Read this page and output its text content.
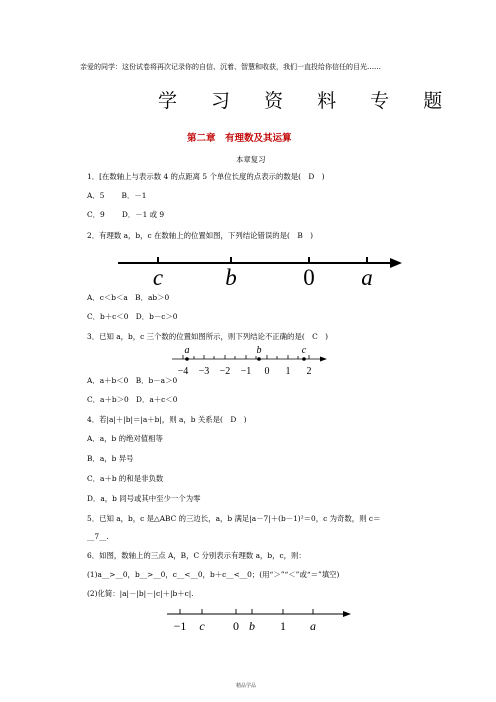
亲爱的同学：这份试卷将再次记录你的自信、沉着、智慧和收获，我们一直投给你信任的目光……
学 习 资 料 专 题
第二章　有理数及其运算
本章复习
1．[在数轴上与表示数 4 的点距离 5 个单位长度的点表示的数是(　D　)
A．5　　 B．－1
C．9　　 D．－1 或 9
2．有理数 a，b，c 在数轴上的位置如图，下列结论错误的是(　B　)
c	b	0 a
A．c＜b＜a　B．ab＞0
C．b＋c＜0　D．b－c＞0
3．已知 a，b，c 三个数的位置如图所示，则下列结论不正确的是(　C　)
a	b	c
−4 −3 −2 −1 0 1 2
A．a＋b＜0　B．b－a＞0
C．a＋b＞0　D．a＋c＜0
4．若|a|＋|b|＝|a＋b|，则 a，b 关系是(　D　)
A．a，b 的绝对值相等
B．a，b 异号
C．a＋b 的和是非负数
D．a，b 同号或其中至少一个为零
5．已知 a，b，c 是△ABC 的三边长，a，b 满足|a－7|＋(b－1)²＝0，c 为奇数，则 c＝
__7__.
6．如图，数轴上的三点 A，B，C 分别表示有理数 a，b，c，则：
(1)a__>__0，b__>__0，c__<__0，b＋c__<__0；(用“＞”“＜”或“＝”填空)
(2)化简：|a|－|b|－|c|＋|b＋c|.
−1 c 0 b 1 a
精品学品
